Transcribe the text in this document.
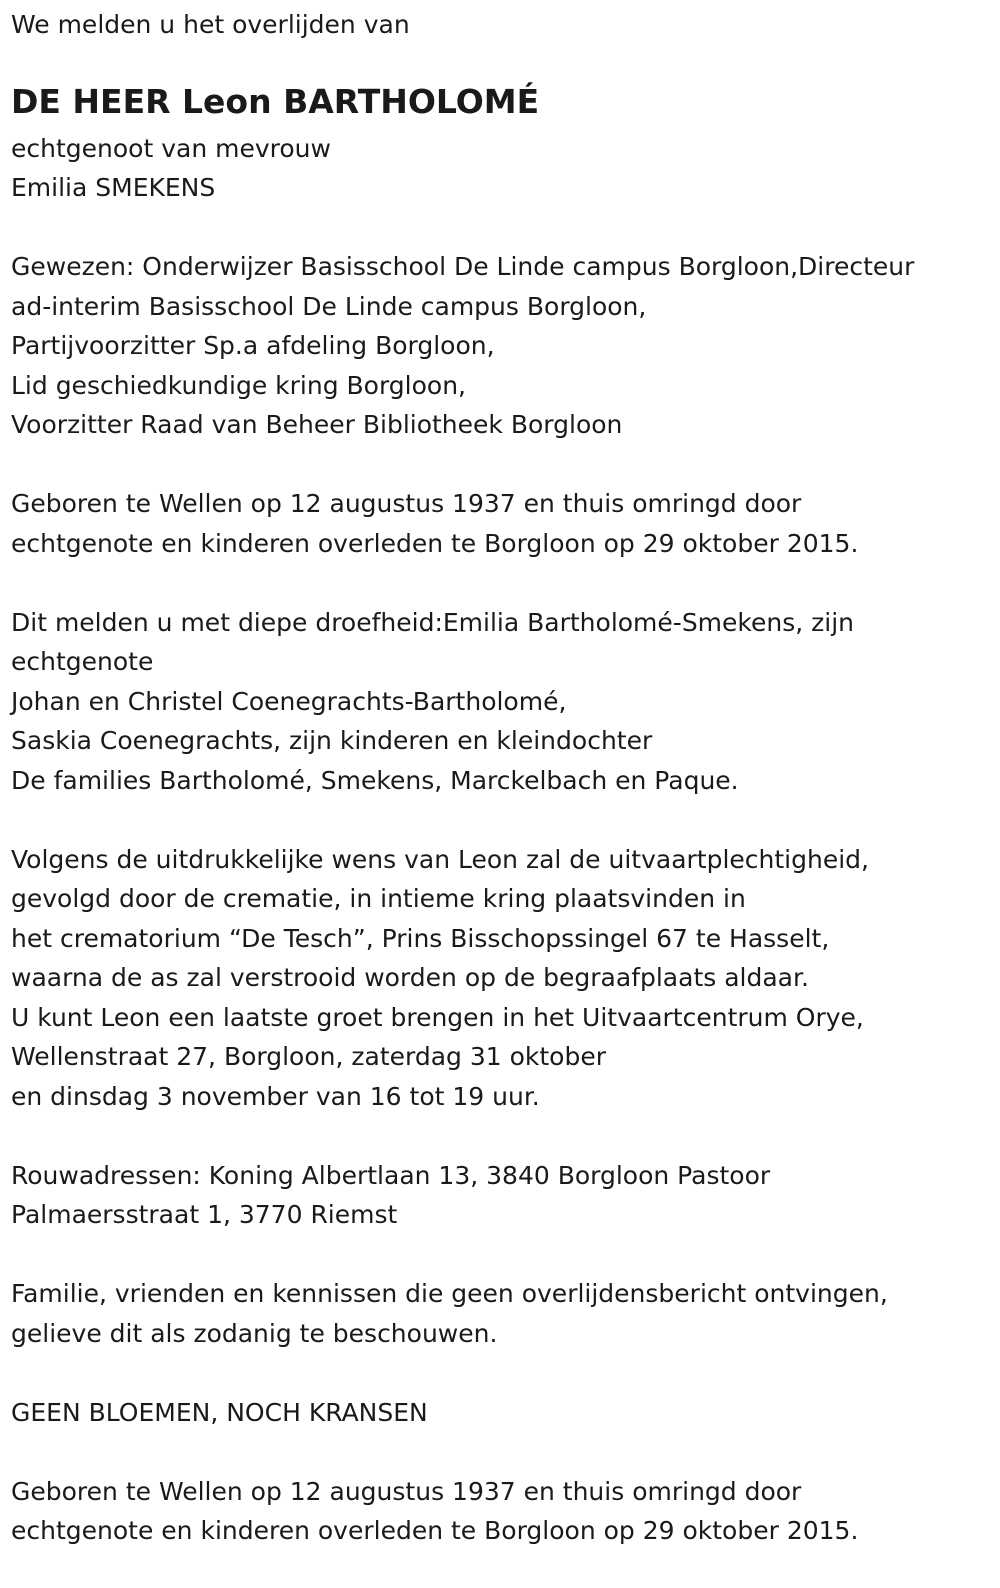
We melden u het overlijden van
DE HEER Leon BARTHOLOMÉ
echtgenoot van mevrouw
Emilia SMEKENS
Gewezen: Onderwijzer Basisschool De Linde campus Borgloon,Directeur
ad-interim Basisschool De Linde campus Borgloon,
Partijvoorzitter Sp.a afdeling Borgloon,
Lid geschiedkundige kring Borgloon,
Voorzitter Raad van Beheer Bibliotheek Borgloon
Geboren te Wellen op 12 augustus 1937 en thuis omringd door
echtgenote en kinderen overleden te Borgloon op 29 oktober 2015.
Dit melden u met diepe droefheid:Emilia Bartholomé-Smekens, zijn
echtgenote
Johan en Christel Coenegrachts-Bartholomé,
Saskia Coenegrachts, zijn kinderen en kleindochter
De families Bartholomé, Smekens, Marckelbach en Paque.
Volgens de uitdrukkelijke wens van Leon zal de uitvaartplechtigheid,
gevolgd door de crematie, in intieme kring plaatsvinden in
het crematorium “De Tesch”, Prins Bisschopssingel 67 te Hasselt,
waarna de as zal verstrooid worden op de begraafplaats aldaar.
U kunt Leon een laatste groet brengen in het Uitvaartcentrum Orye,
Wellenstraat 27, Borgloon, zaterdag 31 oktober
en dinsdag 3 november van 16 tot 19 uur.
Rouwadressen: Koning Albertlaan 13, 3840 Borgloon Pastoor
Palmaersstraat 1, 3770 Riemst
Familie, vrienden en kennissen die geen overlijdensbericht ontvingen,
gelieve dit als zodanig te beschouwen.
GEEN BLOEMEN, NOCH KRANSEN
Geboren te Wellen op 12 augustus 1937 en thuis omringd door
echtgenote en kinderen overleden te Borgloon op 29 oktober 2015.
